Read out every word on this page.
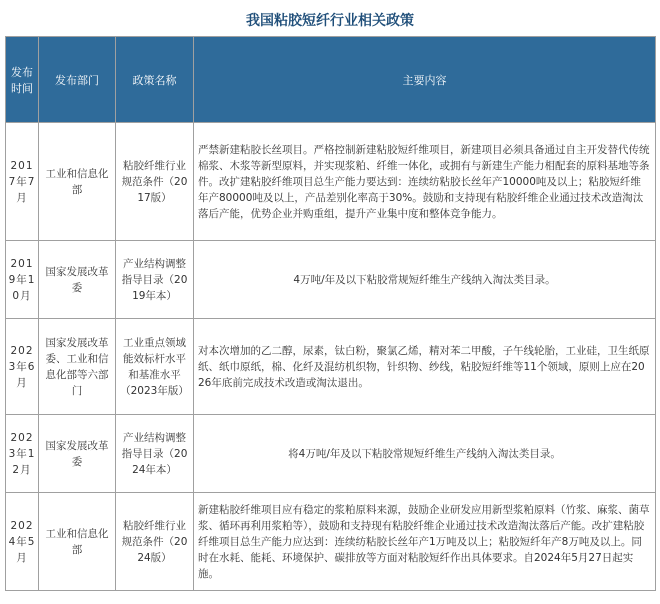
我国粘胶短纤行业相关政策
发布时间	发布部门	政策名称	主要内容
2017年7月	工业和信息化部	粘胶纤维行业规范条件（2017版）	严禁新建粘胶长丝项目。严格控制新建粘胶短纤维项目，新建项目必须具备通过自主开发替代传统棉浆、木浆等新型原料，并实现浆粕、纤维一体化，或拥有与新建生产能力相配套的原料基地等条件。改扩建粘胶纤维项目总生产能力要达到：连续纺粘胶长丝年产10000吨及以上；粘胶短纤维年产80000吨及以上，产品差别化率高于30%。鼓励和支持现有粘胶纤维企业通过技术改造淘汰落后产能，优势企业并购重组，提升产业集中度和整体竞争能力。
2019年10月	国家发展改革委	产业结构调整指导目录（2019年本）	4万吨/年及以下粘胶常规短纤维生产线纳入淘汰类目录。
2023年6月	国家发展改革委、工业和信息化部等六部门	工业重点领域能效标杆水平和基准水平（2023年版）	对本次增加的乙二醇，尿素，钛白粉，聚氯乙烯，精对苯二甲酸，子午线轮胎，工业硅，卫生纸原纸、纸巾原纸，棉、化纤及混纺机织物，针织物、纱线，粘胶短纤维等11个领域，原则上应在2026年底前完成技术改造或淘汰退出。
2023年12月	国家发展改革委	产业结构调整指导目录（2024年本）	将4万吨/年及以下粘胶常规短纤维生产线纳入淘汰类目录。
2024年5月	工业和信息化部	粘胶纤维行业规范条件（2024版）	新建粘胶纤维项目应有稳定的浆粕原料来源，鼓励企业研发应用新型浆粕原料（竹浆、麻浆、菌草浆、循环再利用浆粕等），鼓励和支持现有粘胶纤维企业通过技术改造淘汰落后产能。改扩建粘胶纤维项目总生产能力应达到：连续纺粘胶长丝年产1万吨及以上；粘胶短纤年产8万吨及以上。同时在水耗、能耗、环境保护、碳排放等方面对粘胶短纤作出具体要求。自2024年5月27日起实施。
